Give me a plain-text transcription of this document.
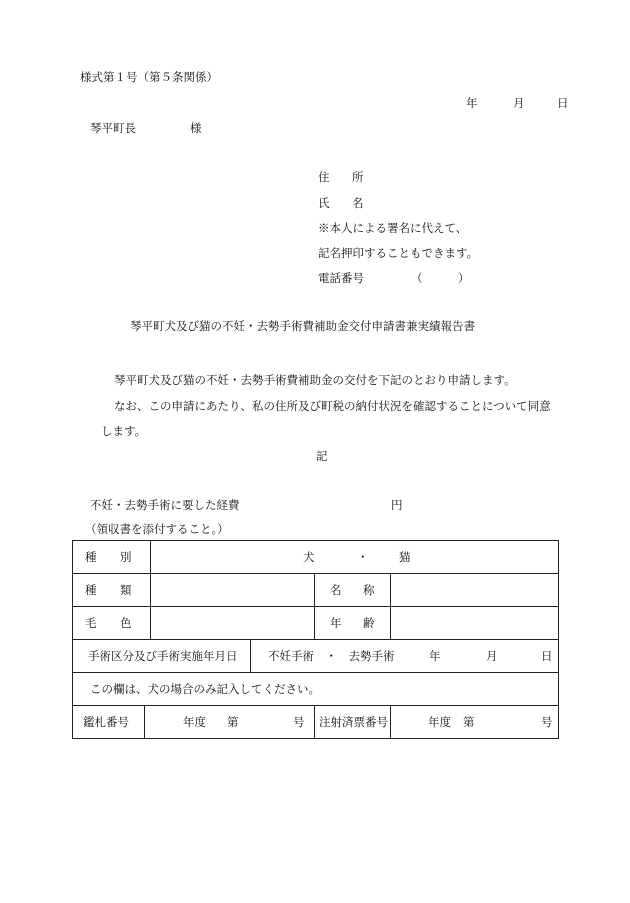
様式第１号（第５条関係）
年	月	日
琴平町長	様
住 所
氏 名
※本人による署名に代えて、
記名押印することもできます。
電話番号	（	）
琴平町犬及び猫の不妊・去勢手術費補助金交付申請書兼実績報告書
琴平町犬及び猫の不妊・去勢手術費補助金の交付を下記のとおり申請します。
なお、この申請にあたり、私の住所及び町税の納付状況を確認することについて同意
します。
記
不妊・去勢手術に要した経費	円
（領収書を添付すること。）
種 別		犬 ・ 猫			

種 類				名 称	

毛 色				年 齢	

手術区分及び手術実施年月日			不妊手術　・　去勢手術 年 月 日		

この欄は、犬の場合のみ記入してください。					

鑑札番号	年度 第 号			注射済票番号	年度 第 号
